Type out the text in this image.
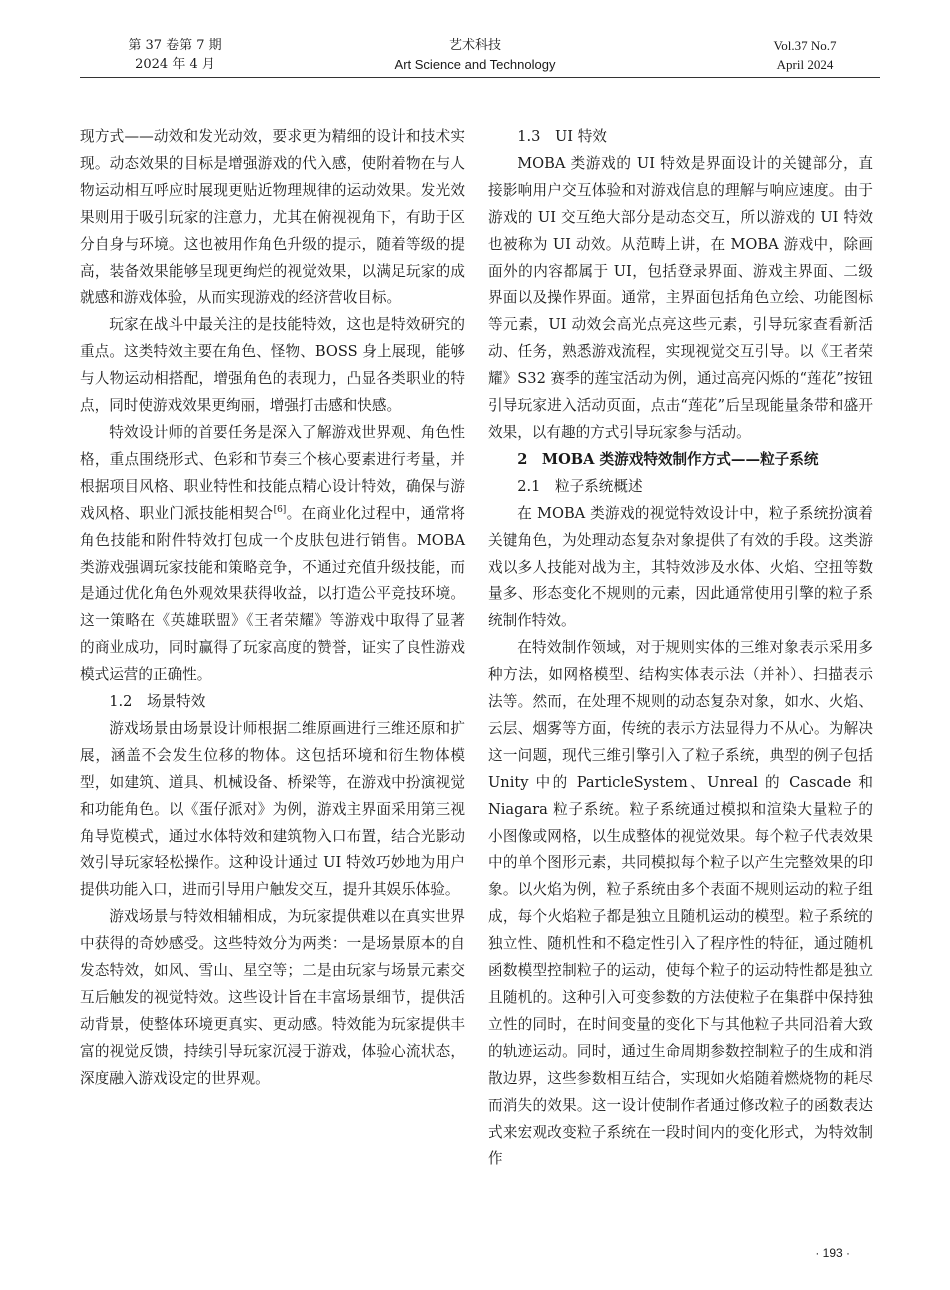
第 37 卷第 7 期
2024 年 4 月
艺术科技
Art Science and Technology
Vol.37 No.7
April 2024

现方式——动效和发光动效，要求更为精细的设计和技术实现。动态效果的目标是增强游戏的代入感，使附着物在与人物运动相互呼应时展现更贴近物理规律的运动效果。发光效果则用于吸引玩家的注意力，尤其在俯视视角下，有助于区分自身与环境。这也被用作角色升级的提示，随着等级的提高，装备效果能够呈现更绚烂的视觉效果，以满足玩家的成就感和游戏体验，从而实现游戏的经济营收目标。

玩家在战斗中最关注的是技能特效，这也是特效研究的重点。这类特效主要在角色、怪物、BOSS 身上展现，能够与人物运动相搭配，增强角色的表现力，凸显各类职业的特点，同时使游戏效果更绚丽，增强打击感和快感。

特效设计师的首要任务是深入了解游戏世界观、角色性格，重点围绕形式、色彩和节奏三个核心要素进行考量，并根据项目风格、职业特性和技能点精心设计特效，确保与游戏风格、职业门派技能相契合[6]。在商业化过程中，通常将角色技能和附件特效打包成一个皮肤包进行销售。MOBA 类游戏强调玩家技能和策略竞争，不通过充值升级技能，而是通过优化角色外观效果获得收益，以打造公平竞技环境。这一策略在《英雄联盟》《王者荣耀》等游戏中取得了显著的商业成功，同时赢得了玩家高度的赞誉，证实了良性游戏模式运营的正确性。

1.2　场景特效

游戏场景由场景设计师根据二维原画进行三维还原和扩展，涵盖不会发生位移的物体。这包括环境和衍生物体模型，如建筑、道具、机械设备、桥梁等，在游戏中扮演视觉和功能角色。以《蛋仔派对》为例，游戏主界面采用第三视角导览模式，通过水体特效和建筑物入口布置，结合光影动效引导玩家轻松操作。这种设计通过 UI 特效巧妙地为用户提供功能入口，进而引导用户触发交互，提升其娱乐体验。

游戏场景与特效相辅相成，为玩家提供难以在真实世界中获得的奇妙感受。这些特效分为两类：一是场景原本的自发态特效，如风、雪山、星空等；二是由玩家与场景元素交互后触发的视觉特效。这些设计旨在丰富场景细节，提供活动背景，使整体环境更真实、更动感。特效能为玩家提供丰富的视觉反馈，持续引导玩家沉浸于游戏，体验心流状态，深度融入游戏设定的世界观。

1.3　UI 特效

MOBA 类游戏的 UI 特效是界面设计的关键部分，直接影响用户交互体验和对游戏信息的理解与响应速度。由于游戏的 UI 交互绝大部分是动态交互，所以游戏的 UI 特效也被称为 UI 动效。从范畴上讲，在 MOBA 游戏中，除画面外的内容都属于 UI，包括登录界面、游戏主界面、二级界面以及操作界面。通常，主界面包括角色立绘、功能图标等元素，UI 动效会高光点亮这些元素，引导玩家查看新活动、任务，熟悉游戏流程，实现视觉交互引导。以《王者荣耀》S32 赛季的莲宝活动为例，通过高亮闪烁的“莲花”按钮引导玩家进入活动页面，点击“莲花”后呈现能量条带和盛开效果，以有趣的方式引导玩家参与活动。

2　MOBA 类游戏特效制作方式——粒子系统

2.1　粒子系统概述

在 MOBA 类游戏的视觉特效设计中，粒子系统扮演着关键角色，为处理动态复杂对象提供了有效的手段。这类游戏以多人技能对战为主，其特效涉及水体、火焰、空扭等数量多、形态变化不规则的元素，因此通常使用引擎的粒子系统制作特效。

在特效制作领域，对于规则实体的三维对象表示采用多种方法，如网格模型、结构实体表示法（并补）、扫描表示法等。然而，在处理不规则的动态复杂对象，如水、火焰、云层、烟雾等方面，传统的表示方法显得力不从心。为解决这一问题，现代三维引擎引入了粒子系统，典型的例子包括 Unity 中的 ParticleSystem、Unreal 的 Cascade 和 Niagara 粒子系统。粒子系统通过模拟和渲染大量粒子的小图像或网格，以生成整体的视觉效果。每个粒子代表效果中的单个图形元素，共同模拟每个粒子以产生完整效果的印象。以火焰为例，粒子系统由多个表面不规则运动的粒子组成，每个火焰粒子都是独立且随机运动的模型。粒子系统的独立性、随机性和不稳定性引入了程序性的特征，通过随机函数模型控制粒子的运动，使每个粒子的运动特性都是独立且随机的。这种引入可变参数的方法使粒子在集群中保持独立性的同时，在时间变量的变化下与其他粒子共同沿着大致的轨迹运动。同时，通过生命周期参数控制粒子的生成和消散边界，这些参数相互结合，实现如火焰随着燃烧物的耗尽而消失的效果。这一设计使制作者通过修改粒子的函数表达式来宏观改变粒子系统在一段时间内的变化形式，为特效制作

· 193 ·
